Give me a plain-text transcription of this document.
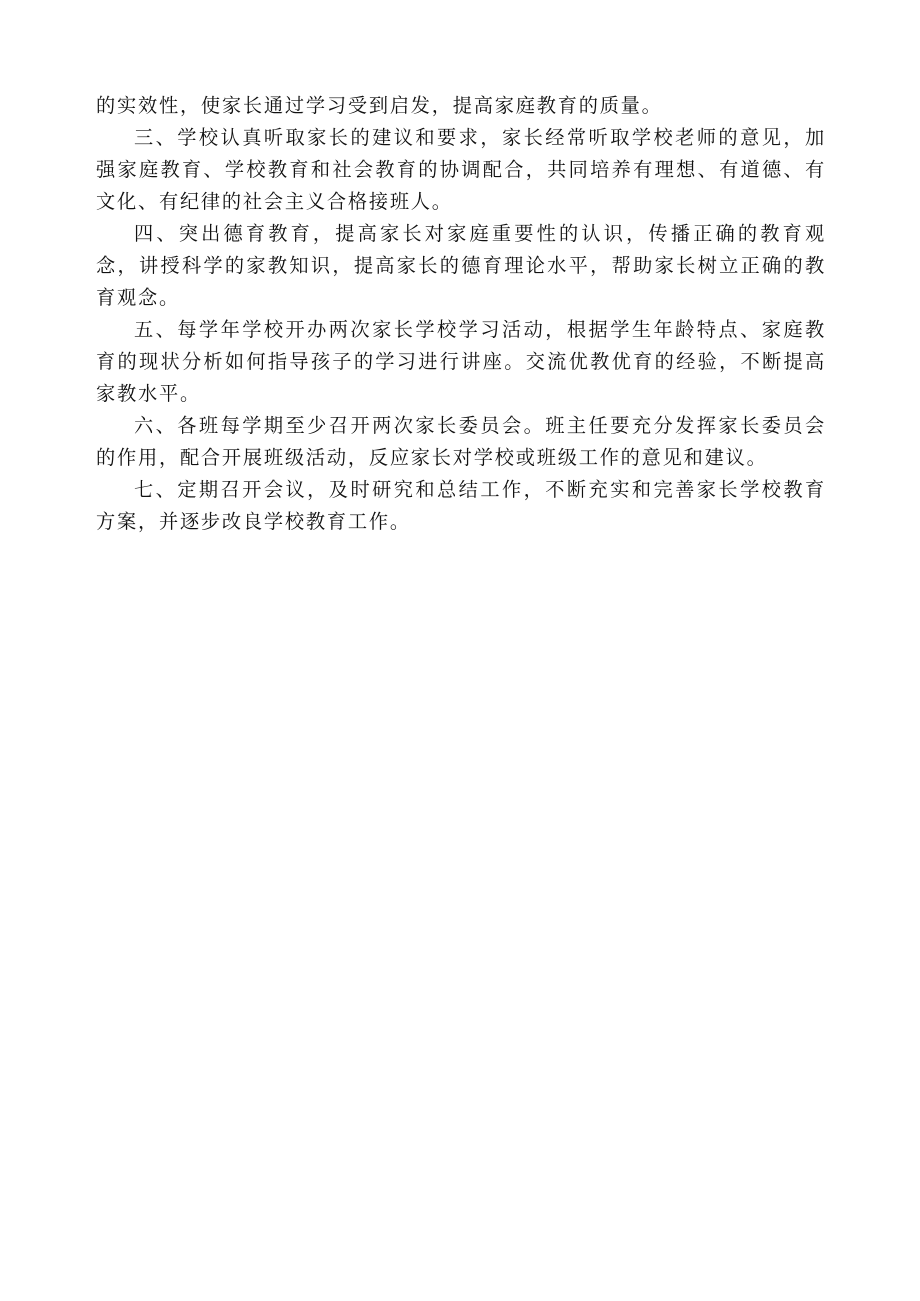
的实效性，使家长通过学习受到启发，提高家庭教育的质量。

三、学校认真听取家长的建议和要求，家长经常听取学校老师的意见，加强家庭教育、学校教育和社会教育的协调配合，共同培养有理想、有道德、有文化、有纪律的社会主义合格接班人。

四、突出德育教育，提高家长对家庭重要性的认识，传播正确的教育观念，讲授科学的家教知识，提高家长的德育理论水平，帮助家长树立正确的教育观念。

五、每学年学校开办两次家长学校学习活动，根据学生年龄特点、家庭教育的现状分析如何指导孩子的学习进行讲座。交流优教优育的经验，不断提高家教水平。

六、各班每学期至少召开两次家长委员会。班主任要充分发挥家长委员会的作用，配合开展班级活动，反应家长对学校或班级工作的意见和建议。

七、定期召开会议，及时研究和总结工作，不断充实和完善家长学校教育方案，并逐步改良学校教育工作。
